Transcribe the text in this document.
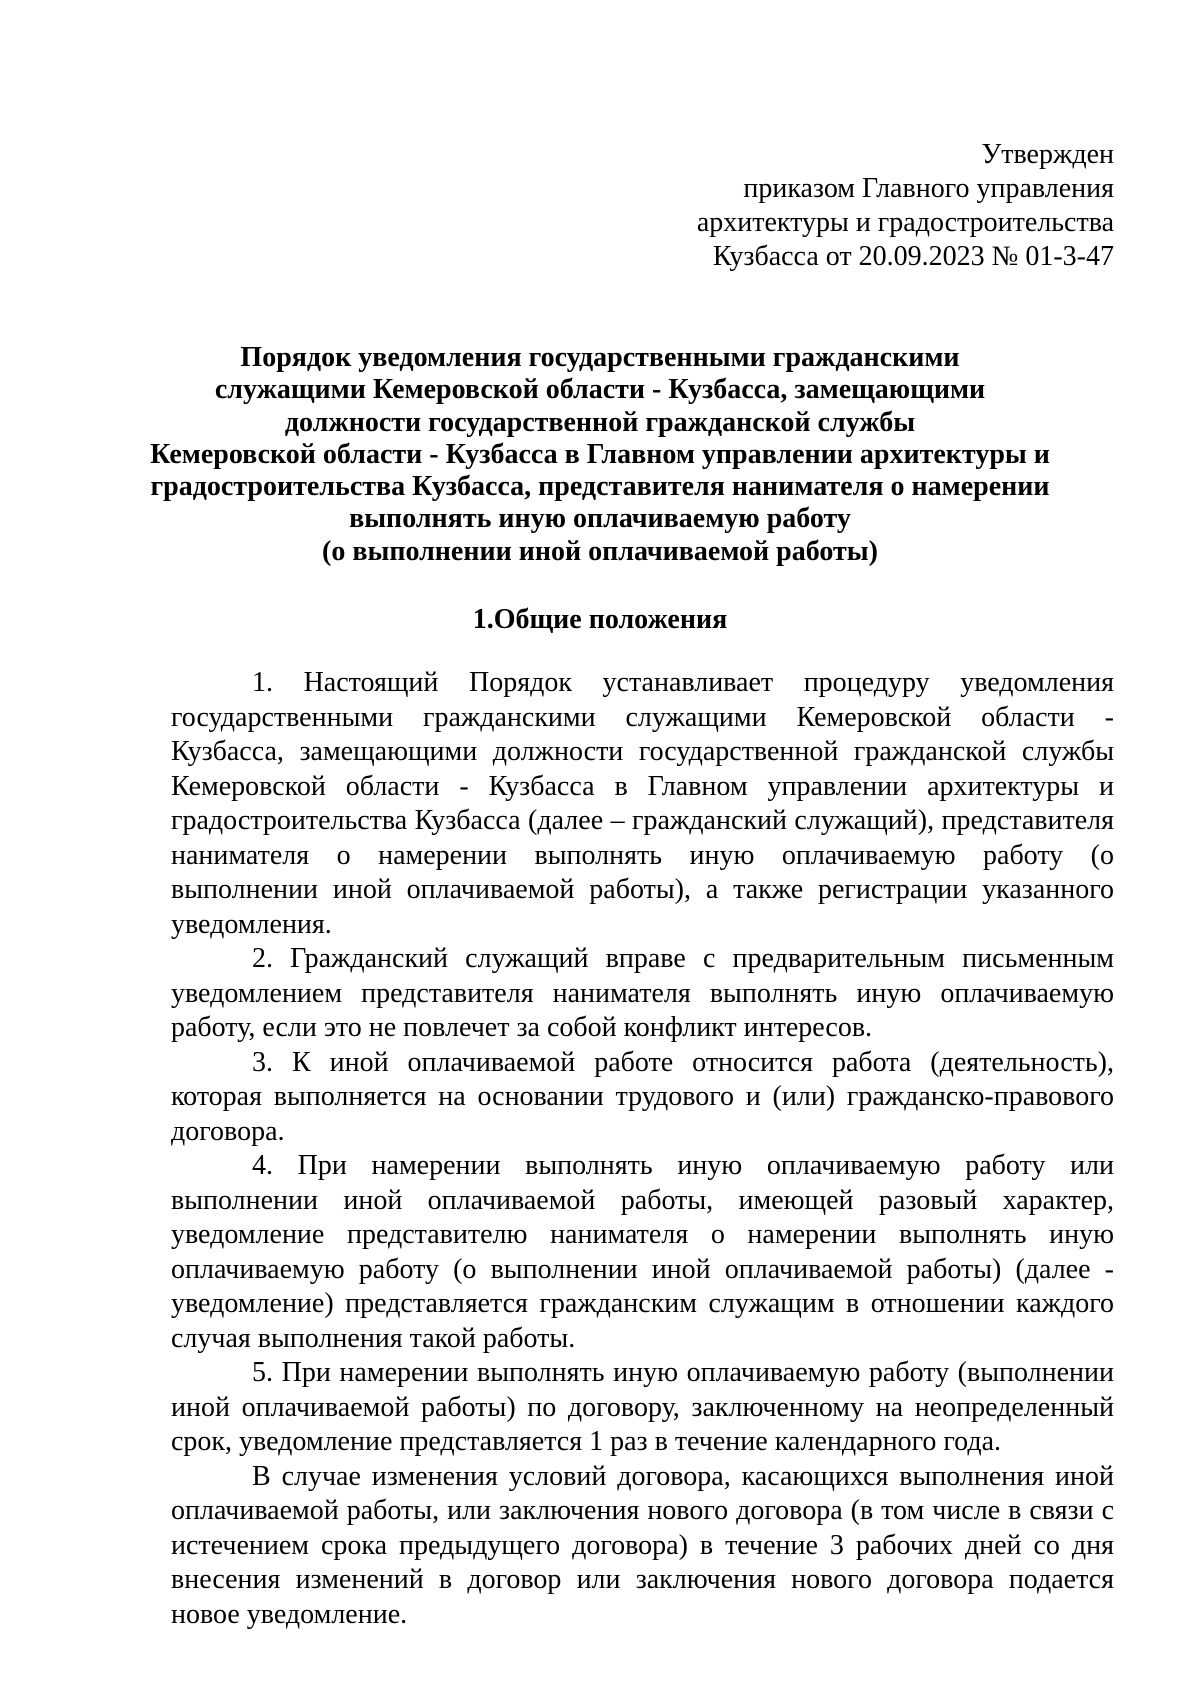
Утвержден
приказом Главного управления
архитектуры и градостроительства
Кузбасса от 20.09.2023 № 01-3-47
Порядок уведомления государственными гражданскими
служащими Кемеровской области - Кузбасса, замещающими
должности государственной гражданской службы
Кемеровской области - Кузбасса в Главном управлении архитектуры и
градостроительства Кузбасса, представителя нанимателя о намерении
выполнять иную оплачиваемую работу
(о выполнении иной оплачиваемой работы)
1.Общие положения

1. Настоящий Порядок устанавливает процедуру уведомления государственными гражданскими служащими Кемеровской области - Кузбасса, замещающими должности государственной гражданской службы Кемеровской области - Кузбасса в Главном управлении архитектуры и градостроительства Кузбасса (далее – гражданский служащий), представителя нанимателя о намерении выполнять иную оплачиваемую работу (о выполнении иной оплачиваемой работы), а также регистрации указанного уведомления.

2. Гражданский служащий вправе с предварительным письменным уведомлением представителя нанимателя выполнять иную оплачиваемую работу, если это не повлечет за собой конфликт интересов.

3. К иной оплачиваемой работе относится работа (деятельность), которая выполняется на основании трудового и (или) гражданско-правового договора.

4. При намерении выполнять иную оплачиваемую работу или выполнении иной оплачиваемой работы, имеющей разовый характер, уведомление представителю нанимателя о намерении выполнять иную оплачиваемую работу (о выполнении иной оплачиваемой работы) (далее - уведомление) представляется гражданским служащим в отношении каждого случая выполнения такой работы.

5. При намерении выполнять иную оплачиваемую работу (выполнении иной оплачиваемой работы) по договору, заключенному на неопределенный срок, уведомление представляется 1 раз в течение календарного года.

В случае изменения условий договора, касающихся выполнения иной оплачиваемой работы, или заключения нового договора (в том числе в связи с истечением срока предыдущего договора) в течение 3 рабочих дней со дня внесения изменений в договор или заключения нового договора подается новое уведомление.
